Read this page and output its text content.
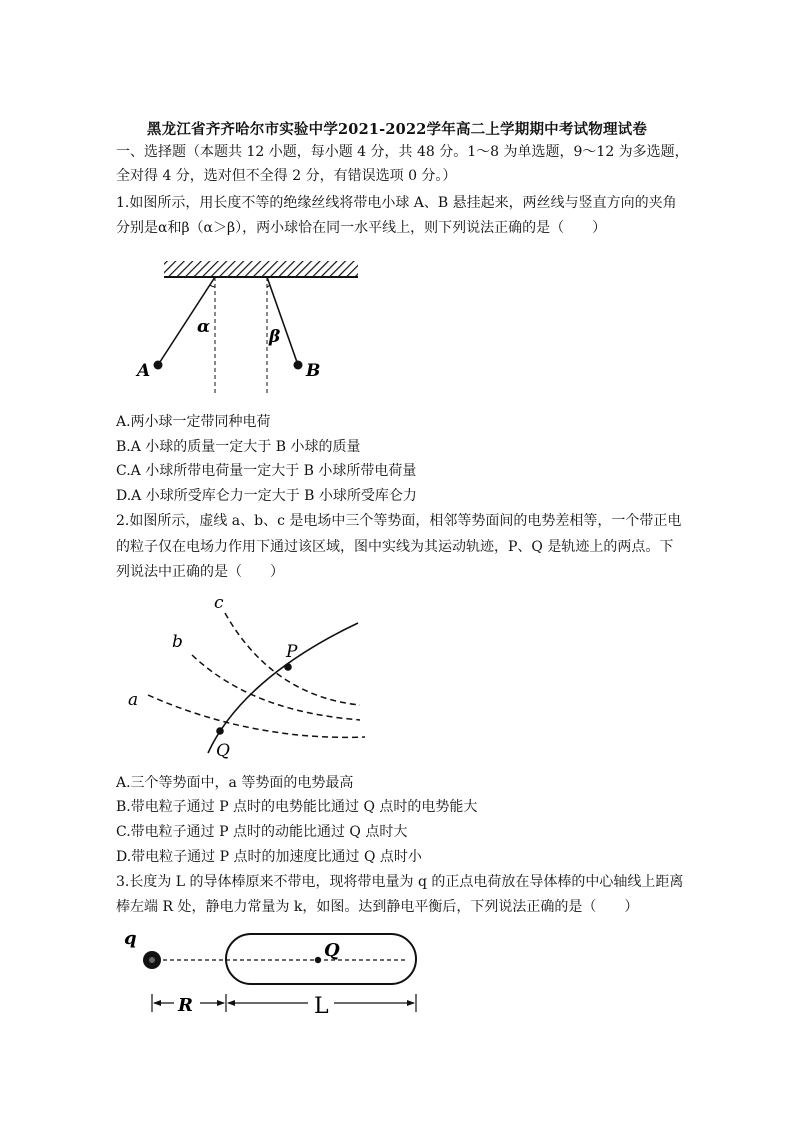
黑龙江省齐齐哈尔市实验中学2021-2022学年高二上学期期中考试物理试卷
一、选择题（本题共 12 小题，每小题 4 分，共 48 分。1～8 为单选题，9～12 为多选题，
全对得 4 分，选对但不全得 2 分，有错误选项 0 分。）
1.如图所示，用长度不等的绝缘丝线将带电小球 A、B 悬挂起来，两丝线与竖直方向的夹角
分别是α和β（α＞β），两小球恰在同一水平线上，则下列说法正确的是（　　）
A	B
α	β
A.两小球一定带同种电荷
B.A 小球的质量一定大于 B 小球的质量
C.A 小球所带电荷量一定大于 B 小球所带电荷量
D.A 小球所受库仑力一定大于 B 小球所受库仑力
2.如图所示，虚线 a、b、c 是电场中三个等势面，相邻等势面间的电势差相等，一个带正电
的粒子仅在电场力作用下通过该区域，图中实线为其运动轨迹，P、Q 是轨迹上的两点。下
列说法中正确的是（　　）
c
b
a
P
Q
A.三个等势面中，a 等势面的电势最高
B.带电粒子通过 P 点时的电势能比通过 Q 点时的电势能大
C.带电粒子通过 P 点时的动能比通过 Q 点时大
D.带电粒子通过 P 点时的加速度比通过 Q 点时小
3.长度为 L 的导体棒原来不带电，现将带电量为 q 的正点电荷放在导体棒的中心轴线上距离
棒左端 R 处，静电力常量为 k，如图。达到静电平衡后，下列说法正确的是（　　）
q
Q
R	L
